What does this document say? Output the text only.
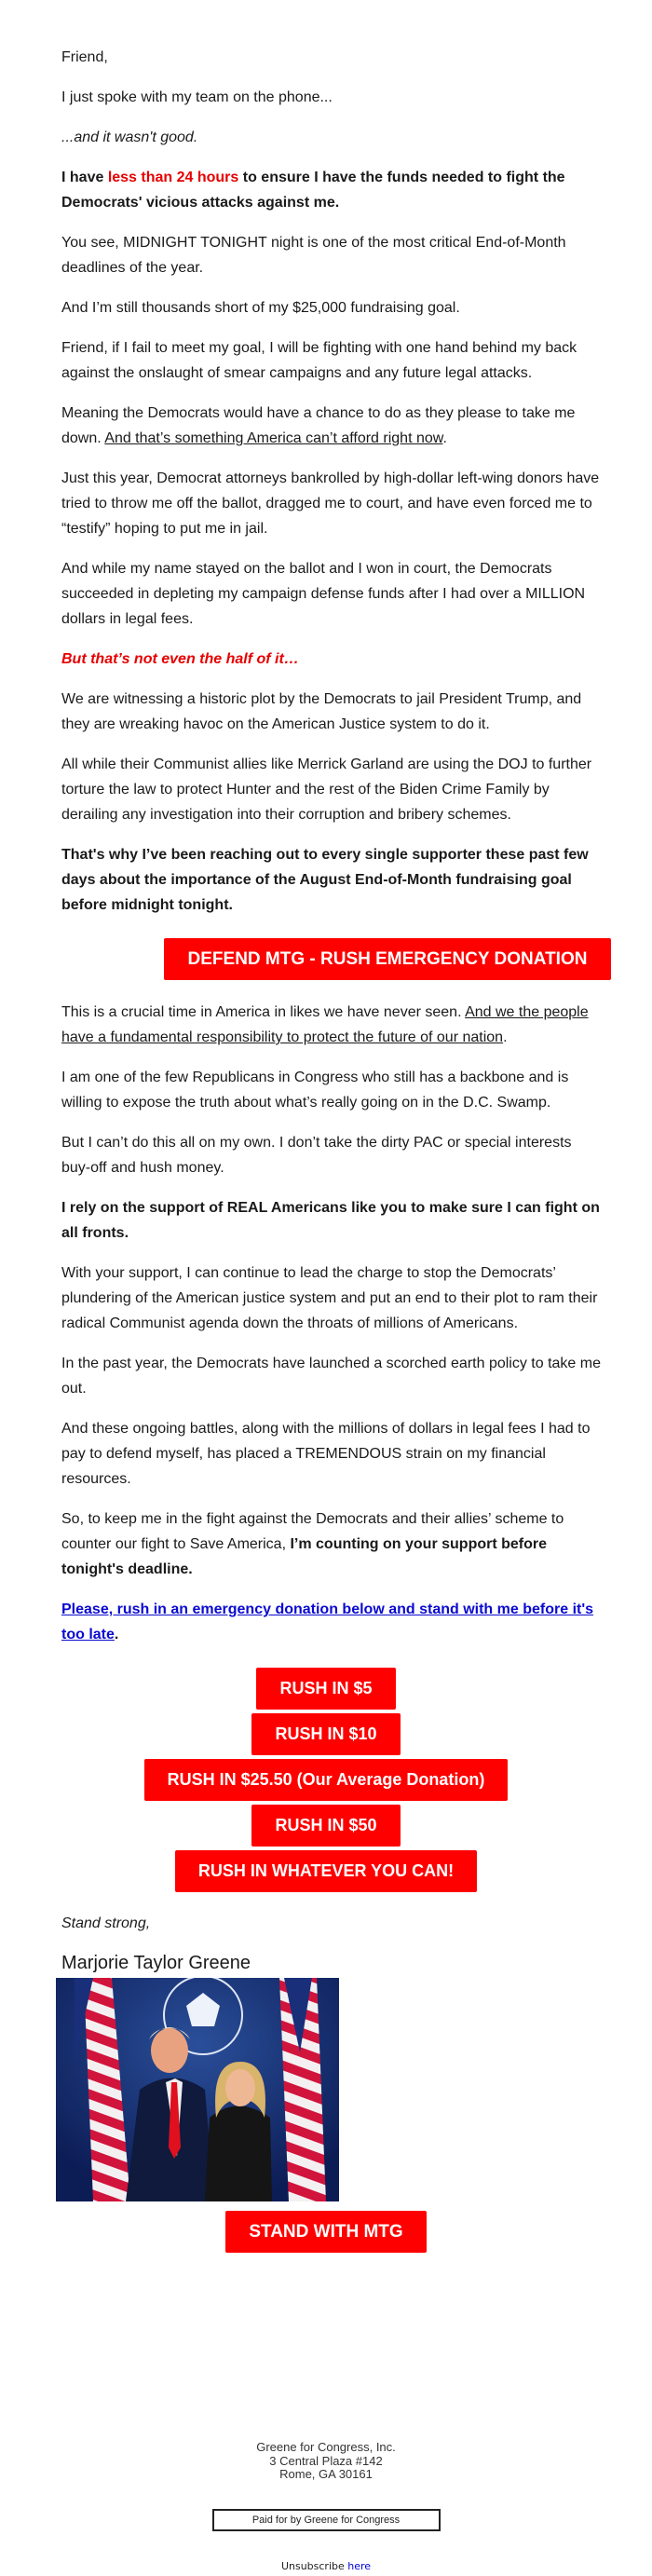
Friend,

I just spoke with my team on the phone...

...and it wasn't good.

I have less than 24 hours to ensure I have the funds needed to fight the Democrats' vicious attacks against me.

You see, MIDNIGHT TONIGHT night is one of the most critical End-of-Month deadlines of the year.

And I’m still thousands short of my $25,000 fundraising goal.

Friend, if I fail to meet my goal, I will be fighting with one hand behind my back against the onslaught of smear campaigns and any future legal attacks.

Meaning the Democrats would have a chance to do as they please to take me down. And that’s something America can’t afford right now.

Just this year, Democrat attorneys bankrolled by high-dollar left-wing donors have tried to throw me off the ballot, dragged me to court, and have even forced me to “testify” hoping to put me in jail.

And while my name stayed on the ballot and I won in court, the Democrats succeeded in depleting my campaign defense funds after I had over a MILLION dollars in legal fees.

But that’s not even the half of it…

We are witnessing a historic plot by the Democrats to jail President Trump, and they are wreaking havoc on the American Justice system to do it.

All while their Communist allies like Merrick Garland are using the DOJ to further torture the law to protect Hunter and the rest of the Biden Crime Family by derailing any investigation into their corruption and bribery schemes.

That's why I’ve been reaching out to every single supporter these past few days about the importance of the August End-of-Month fundraising goal before midnight tonight.

DEFEND MTG - RUSH EMERGENCY DONATION

This is a crucial time in America in likes we have never seen. And we the people have a fundamental responsibility to protect the future of our nation.

I am one of the few Republicans in Congress who still has a backbone and is willing to expose the truth about what’s really going on in the D.C. Swamp.

But I can’t do this all on my own. I don’t take the dirty PAC or special interests buy-off and hush money.

I rely on the support of REAL Americans like you to make sure I can fight on all fronts.

With your support, I can continue to lead the charge to stop the Democrats’ plundering of the American justice system and put an end to their plot to ram their radical Communist agenda down the throats of millions of Americans.

In the past year, the Democrats have launched a scorched earth policy to take me out.

And these ongoing battles, along with the millions of dollars in legal fees I had to pay to defend myself, has placed a TREMENDOUS strain on my financial resources.

So, to keep me in the fight against the Democrats and their allies’ scheme to counter our fight to Save America, I’m counting on your support before tonight's deadline.

Please, rush in an emergency donation below and stand with me before it's too late.

RUSH IN $5
RUSH IN $10
RUSH IN $25.50 (Our Average Donation)
RUSH IN $50
RUSH IN WHATEVER YOU CAN!

Stand strong,

Marjorie Taylor Greene

STAND WITH MTG
Greene for Congress, Inc.
3 Central Plaza #142
Rome, GA 30161
Paid for by Greene for Congress
Unsubscribe here
